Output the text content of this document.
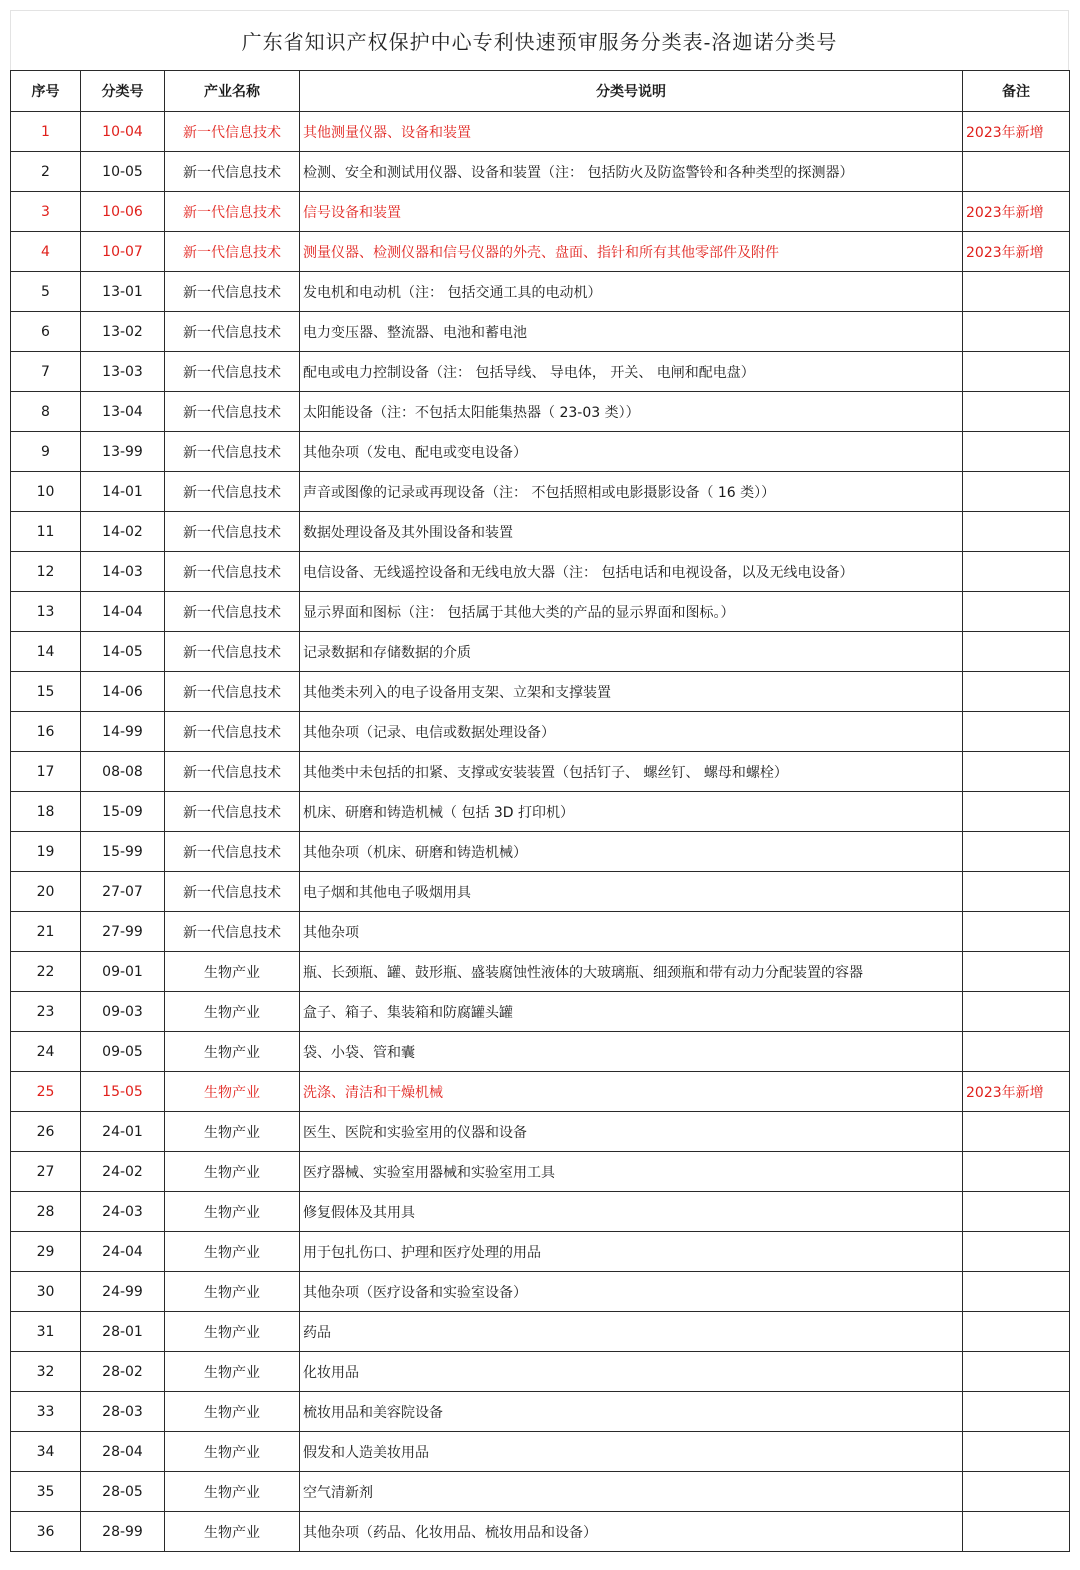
广东省知识产权保护中心专利快速预审服务分类表-洛迦诺分类号
序号	分类号	产业名称	分类号说明	备注
1	10-04	新一代信息技术	其他测量仪器、设备和装置	2023年新增
2	10-05	新一代信息技术	检测、安全和测试用仪器、设备和装置（注： 包括防火及防盗警铃和各种类型的探测器）	
3	10-06	新一代信息技术	信号设备和装置	2023年新增
4	10-07	新一代信息技术	测量仪器、检测仪器和信号仪器的外壳、盘面、指针和所有其他零部件及附件	2023年新增
5	13-01	新一代信息技术	发电机和电动机（注： 包括交通工具的电动机）	
6	13-02	新一代信息技术	电力变压器、整流器、电池和蓄电池	
7	13-03	新一代信息技术	配电或电力控制设备（注： 包括导线、 导电体， 开关、 电闸和配电盘）	
8	13-04	新一代信息技术	太阳能设备（注：不包括太阳能集热器（ 23-03 类））	
9	13-99	新一代信息技术	其他杂项（发电、配电或变电设备）	
10	14-01	新一代信息技术	声音或图像的记录或再现设备（注： 不包括照相或电影摄影设备（ 16 类））	
11	14-02	新一代信息技术	数据处理设备及其外围设备和装置	
12	14-03	新一代信息技术	电信设备、无线遥控设备和无线电放大器（注： 包括电话和电视设备，以及无线电设备）	
13	14-04	新一代信息技术	显示界面和图标（注： 包括属于其他大类的产品的显示界面和图标。）	
14	14-05	新一代信息技术	记录数据和存储数据的介质	
15	14-06	新一代信息技术	其他类未列入的电子设备用支架、立架和支撑装置	
16	14-99	新一代信息技术	其他杂项（记录、电信或数据处理设备）	
17	08-08	新一代信息技术	其他类中未包括的扣紧、支撑或安装装置（包括钉子、 螺丝钉、 螺母和螺栓）	
18	15-09	新一代信息技术	机床、研磨和铸造机械（ 包括 3D 打印机）	
19	15-99	新一代信息技术	其他杂项（机床、研磨和铸造机械）	
20	27-07	新一代信息技术	电子烟和其他电子吸烟用具	
21	27-99	新一代信息技术	其他杂项	
22	09-01	生物产业	瓶、长颈瓶、罐、鼓形瓶、盛装腐蚀性液体的大玻璃瓶、细颈瓶和带有动力分配装置的容器	
23	09-03	生物产业	盒子、箱子、集装箱和防腐罐头罐	
24	09-05	生物产业	袋、小袋、管和囊	
25	15-05	生物产业	洗涤、清洁和干燥机械	2023年新增
26	24-01	生物产业	医生、医院和实验室用的仪器和设备	
27	24-02	生物产业	医疗器械、实验室用器械和实验室用工具	
28	24-03	生物产业	修复假体及其用具	
29	24-04	生物产业	用于包扎伤口、护理和医疗处理的用品	
30	24-99	生物产业	其他杂项（医疗设备和实验室设备）	
31	28-01	生物产业	药品	
32	28-02	生物产业	化妆用品	
33	28-03	生物产业	梳妆用品和美容院设备	
34	28-04	生物产业	假发和人造美妆用品	
35	28-05	生物产业	空气清新剂	
36	28-99	生物产业	其他杂项（药品、化妆用品、梳妆用品和设备）	
